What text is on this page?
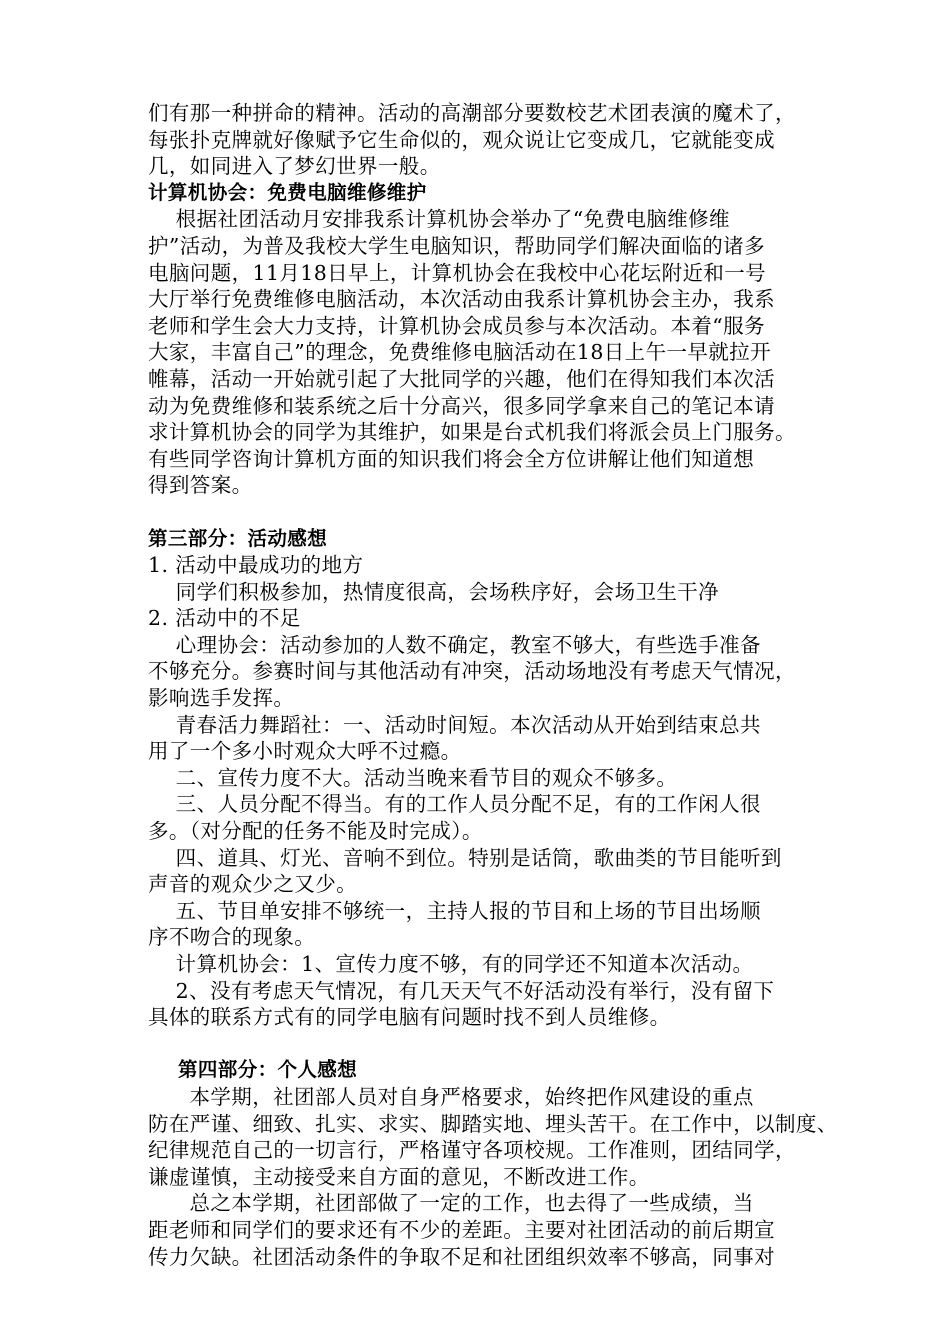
们有那一种拼命的精神。活动的高潮部分要数校艺术团表演的魔术了，
每张扑克牌就好像赋予它生命似的，观众说让它变成几，它就能变成
几，如同进入了梦幻世界一般。
计算机协会：免费电脑维修维护
根据社团活动月安排我系计算机协会举办了“免费电脑维修维
护”活动，为普及我校大学生电脑知识，帮助同学们解决面临的诸多
电脑问题，11月18日早上，计算机协会在我校中心花坛附近和一号
大厅举行免费维修电脑活动，本次活动由我系计算机协会主办，我系
老师和学生会大力支持，计算机协会成员参与本次活动。本着“服务
大家，丰富自己”的理念，免费维修电脑活动在18日上午一早就拉开
帷幕，活动一开始就引起了大批同学的兴趣，他们在得知我们本次活
动为免费维修和装系统之后十分高兴，很多同学拿来自己的笔记本请
求计算机协会的同学为其维护，如果是台式机我们将派会员上门服务。
有些同学咨询计算机方面的知识我们将会全方位讲解让他们知道想
得到答案。
第三部分：活动感想
1. 活动中最成功的地方
同学们积极参加，热情度很高，会场秩序好，会场卫生干净
2. 活动中的不足
心理协会：活动参加的人数不确定，教室不够大，有些选手准备
不够充分。参赛时间与其他活动有冲突，活动场地没有考虑天气情况，
影响选手发挥。
青春活力舞蹈社：一、活动时间短。本次活动从开始到结束总共
用了一个多小时观众大呼不过瘾。
二、宣传力度不大。活动当晚来看节目的观众不够多。
三、人员分配不得当。有的工作人员分配不足，有的工作闲人很
多。（对分配的任务不能及时完成）。
四、道具、灯光、音响不到位。特别是话筒，歌曲类的节目能听到
声音的观众少之又少。
五、节目单安排不够统一，主持人报的节目和上场的节目出场顺
序不吻合的现象。
计算机协会：1、宣传力度不够，有的同学还不知道本次活动。
2、没有考虑天气情况，有几天天气不好活动没有举行，没有留下
具体的联系方式有的同学电脑有问题时找不到人员维修。
第四部分：个人感想
本学期，社团部人员对自身严格要求，始终把作风建设的重点
防在严谨、细致、扎实、求实、脚踏实地、埋头苦干。在工作中，以制度、
纪律规范自己的一切言行，严格谨守各项校规。工作准则，团结同学，
谦虚谨慎，主动接受来自方面的意见，不断改进工作。
总之本学期，社团部做了一定的工作，也去得了一些成绩，当
距老师和同学们的要求还有不少的差距。主要对社团活动的前后期宣
传力欠缺。社团活动条件的争取不足和社团组织效率不够高，同事对
